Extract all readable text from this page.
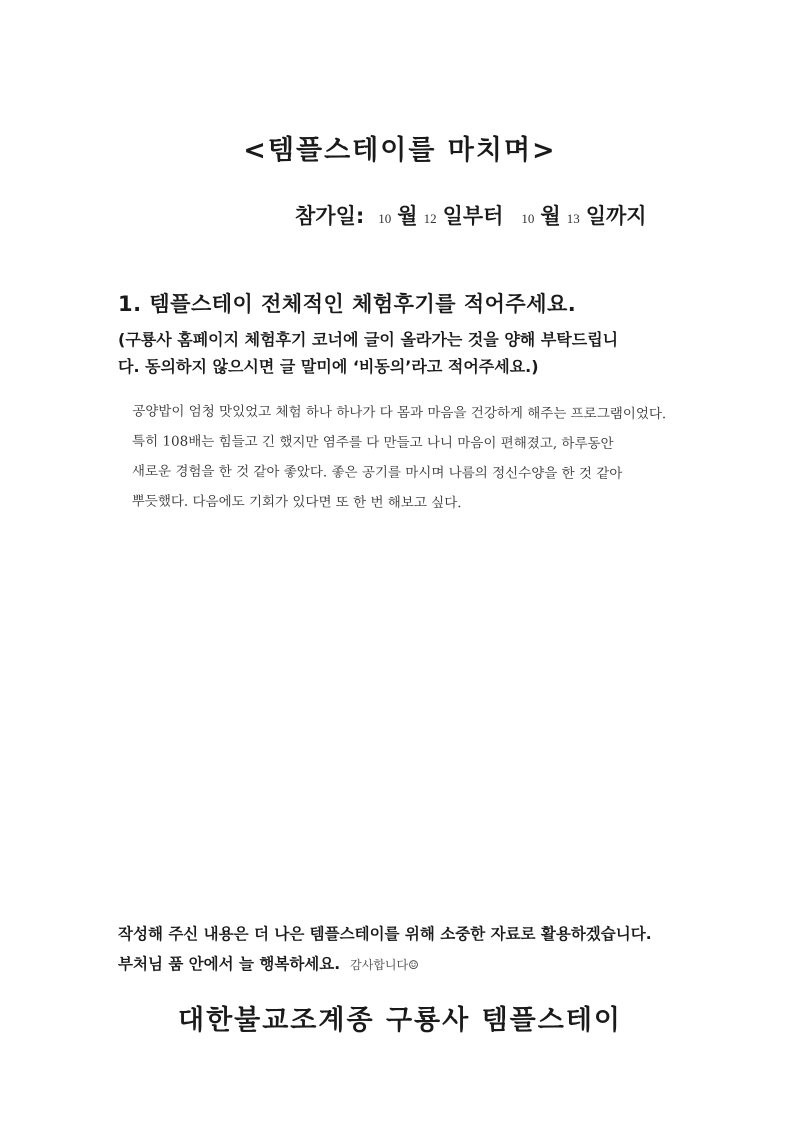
<템플스테이를 마치며>
참가일: 10 월 12 일부터 10 월 13 일까지
1. 템플스테이 전체적인 체험후기를 적어주세요.
(구룡사 홈페이지 체험후기 코너에 글이 올라가는 것을 양해 부탁드립니
다. 동의하지 않으시면 글 말미에 ‘비동의’라고 적어주세요.)
공양밥이 엄청 맛있었고 체험 하나 하나가 다 몸과 마음을 건강하게 해주는 프로그램이었다.
특히 108배는 힘들고 긴 했지만 염주를 다 만들고 나니 마음이 편해졌고, 하루동안
새로운 경험을 한 것 같아 좋았다. 좋은 공기를 마시며 나름의 정신수양을 한 것 같아
뿌듯했다. 다음에도 기회가 있다면 또 한 번 해보고 싶다.
작성해 주신 내용은 더 나은 템플스테이를 위해 소중한 자료로 활용하겠습니다.
부처님 품 안에서 늘 행복하세요. 감사합니다☺
대한불교조계종 구룡사 템플스테이
